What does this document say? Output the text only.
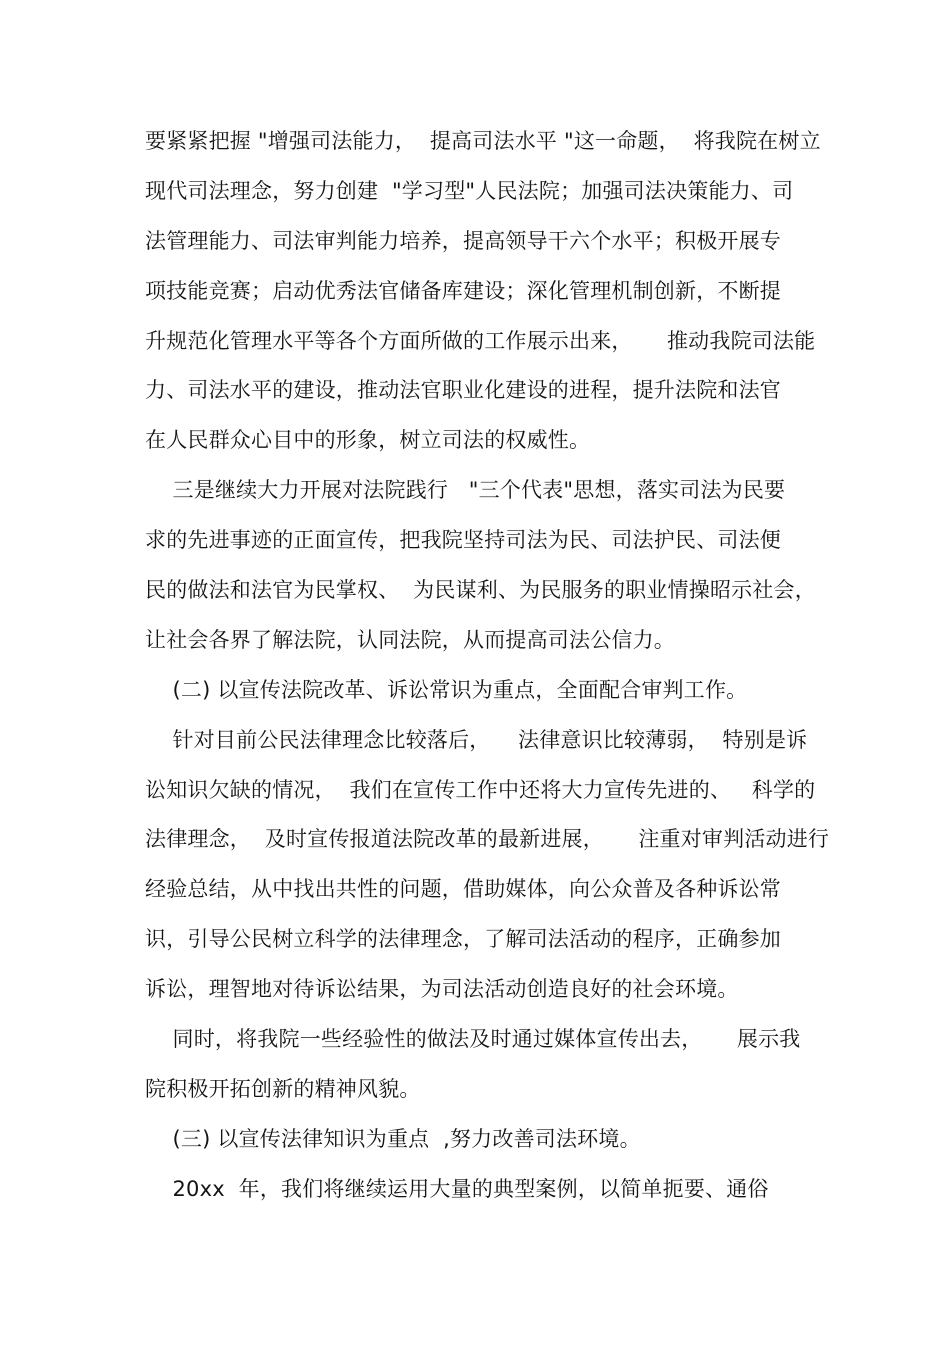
要紧紧把握 "增强司法能力，  提高司法水平 "这一命题，  将我院在树立
现代司法理念，努力创建  "学习型"人民法院；加强司法决策能力、司
法管理能力、司法审判能力培养，提高领导干六个水平；积极开展专
项技能竞赛；启动优秀法官储备库建设；深化管理机制创新，不断提
升规范化管理水平等各个方面所做的工作展示出来，     推动我院司法能
力、司法水平的建设，推动法官职业化建设的进程，提升法院和法官
在人民群众心目中的形象，树立司法的权威性。
三是继续大力开展对法院践行   "三个代表"思想，落实司法为民要
求的先进事迹的正面宣传，把我院坚持司法为民、司法护民、司法便
民的做法和法官为民掌权、  为民谋利、为民服务的职业情操昭示社会，
让社会各界了解法院，认同法院，从而提高司法公信力。
(二) 以宣传法院改革、诉讼常识为重点，全面配合审判工作。
针对目前公民法律理念比较落后，    法律意识比较薄弱，  特别是诉
讼知识欠缺的情况，  我们在宣传工作中还将大力宣传先进的、   科学的
法律理念，  及时宣传报道法院改革的最新进展，     注重对审判活动进行
经验总结，从中找出共性的问题，借助媒体，向公众普及各种诉讼常
识，引导公民树立科学的法律理念，了解司法活动的程序，正确参加
诉讼，理智地对待诉讼结果，为司法活动创造良好的社会环境。
同时，将我院一些经验性的做法及时通过媒体宣传出去，     展示我
院积极开拓创新的精神风貌。
(三) 以宣传法律知识为重点  ,努力改善司法环境。
20xx  年，我们将继续运用大量的典型案例，以简单扼要、通俗
